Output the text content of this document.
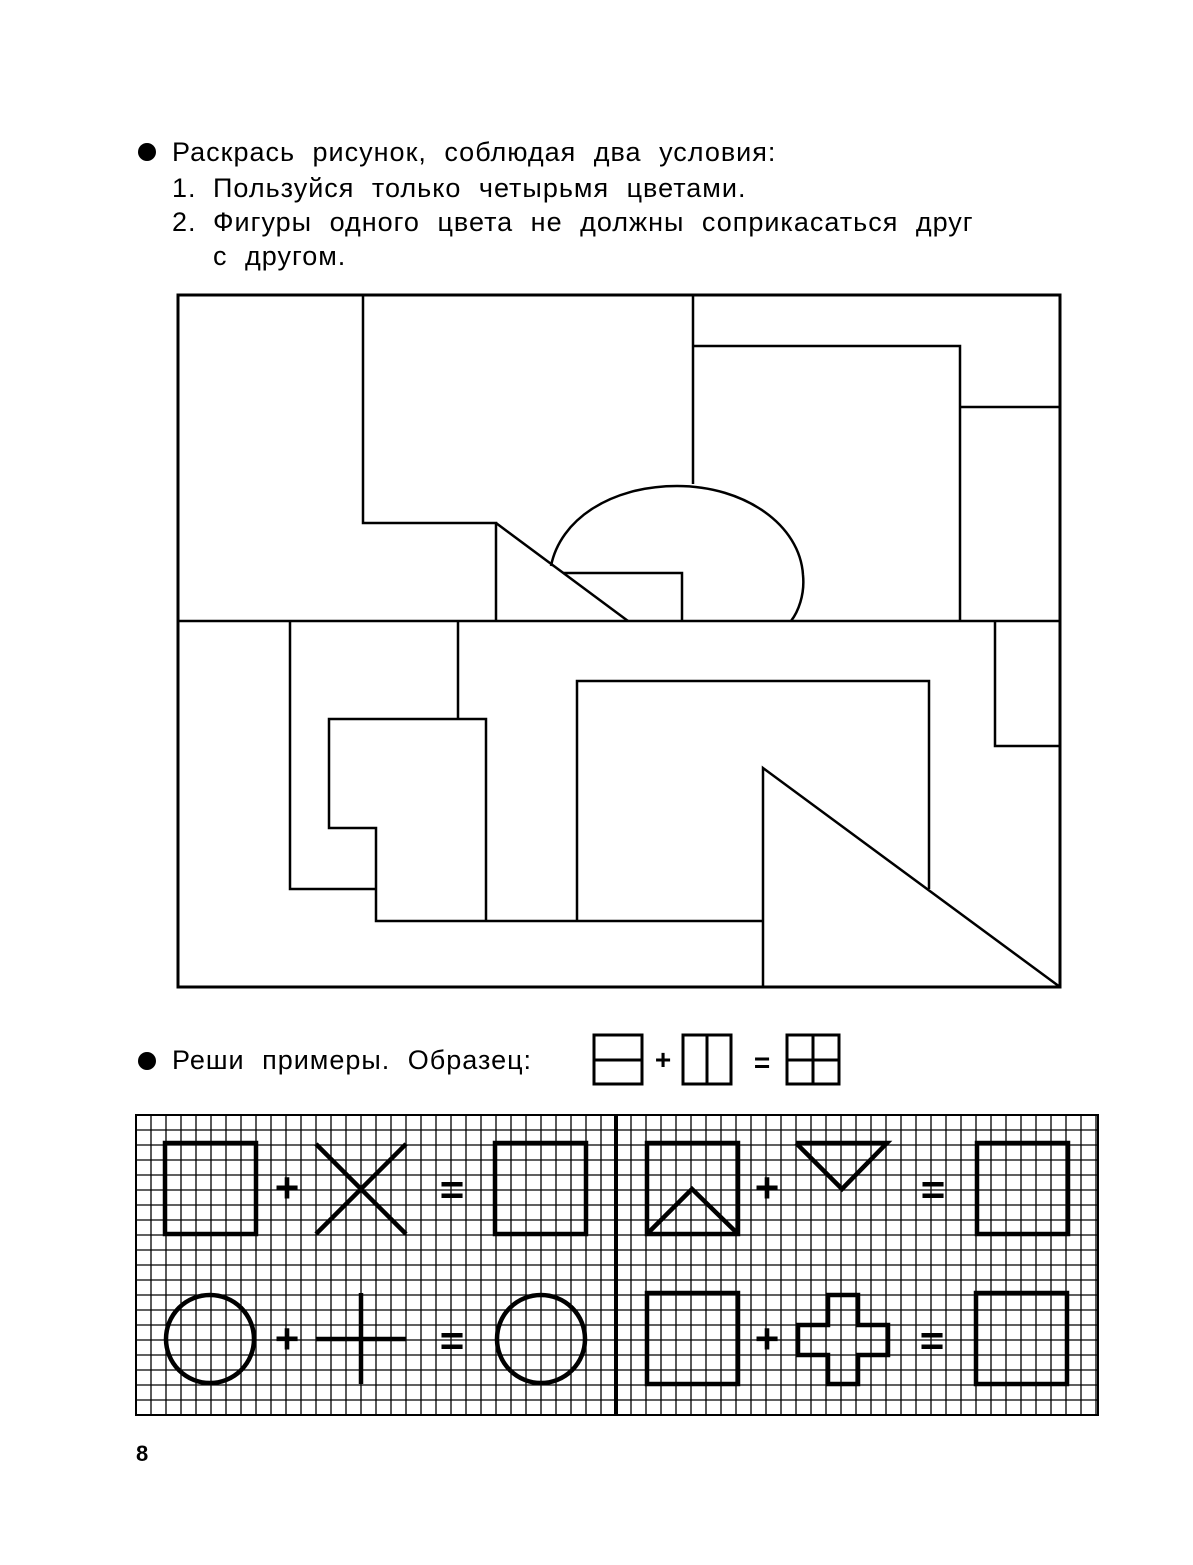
Раскрась рисунок, соблюдая два условия:
1. Пользуйся только четырьмя цветами.
2. Фигуры одного цвета не должны соприкасаться друг
с другом.
Реши примеры. Образец:	+	=
+	=	+	=
+	=	+	=
8
